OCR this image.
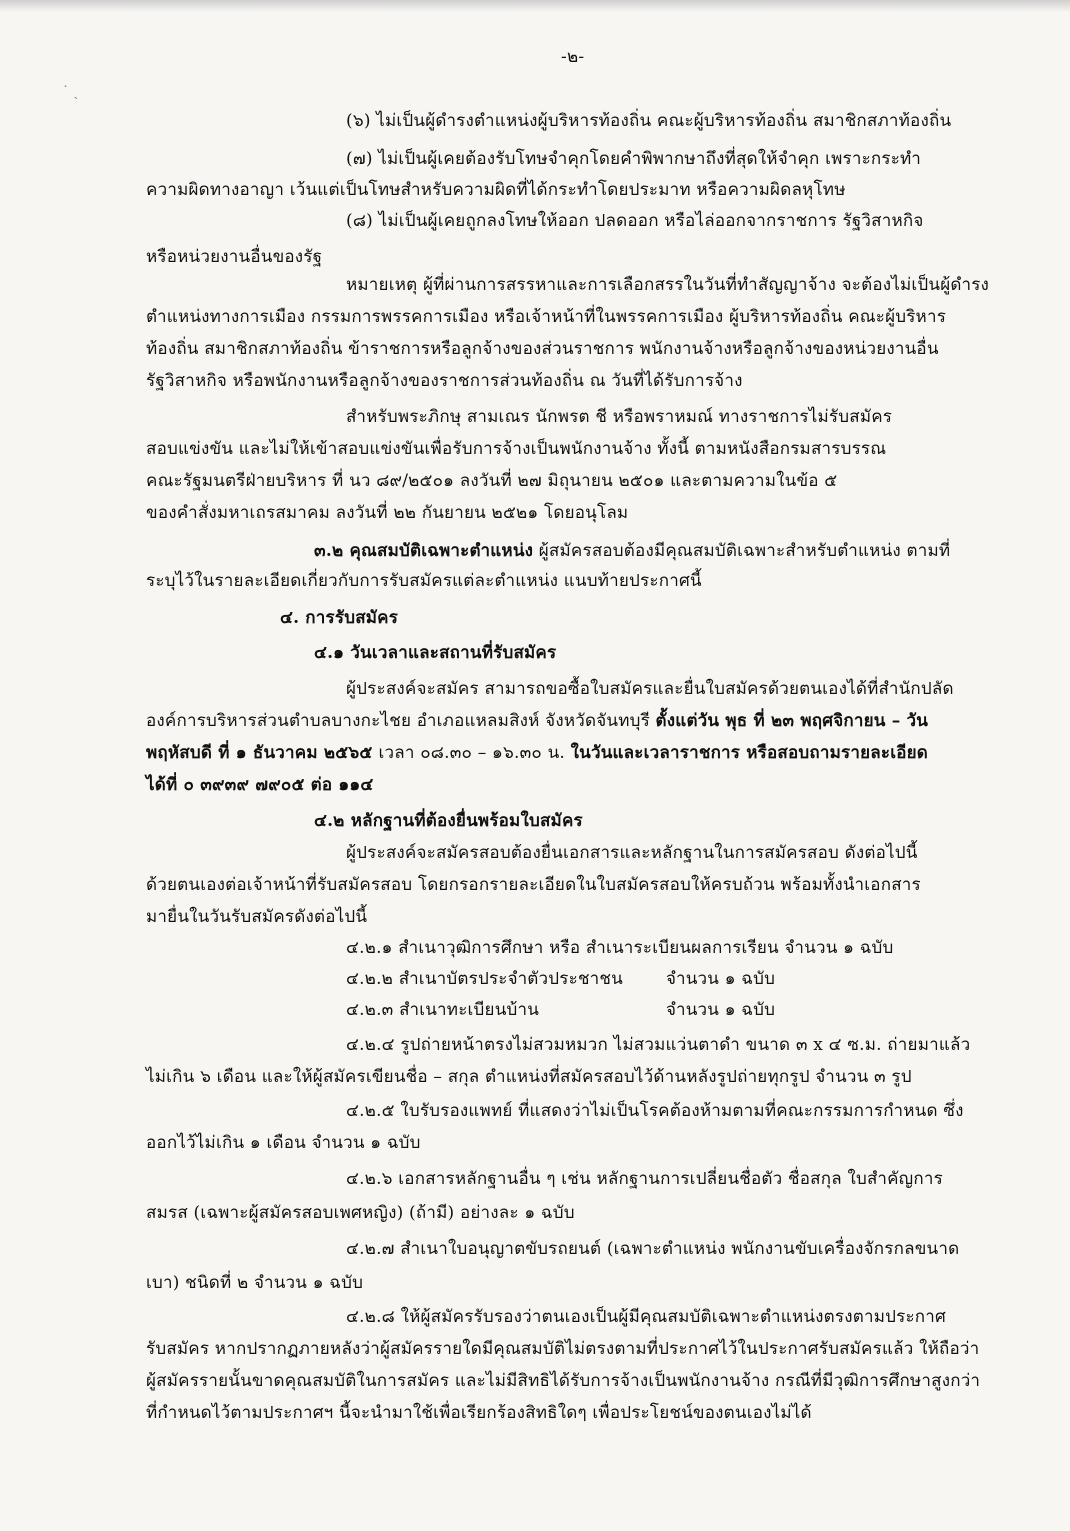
˙ ˎ
-๒-
(๖) ไม่เป็นผู้ดำรงตำแหน่งผู้บริหารท้องถิ่น คณะผู้บริหารท้องถิ่น สมาชิกสภาท้องถิ่น
(๗) ไม่เป็นผู้เคยต้องรับโทษจำคุกโดยคำพิพากษาถึงที่สุดให้จำคุก เพราะกระทำ
ความผิดทางอาญา เว้นแต่เป็นโทษสำหรับความผิดที่ได้กระทำโดยประมาท หรือความผิดลหุโทษ
(๘) ไม่เป็นผู้เคยถูกลงโทษให้ออก ปลดออก หรือไล่ออกจากราชการ รัฐวิสาหกิจ
หรือหน่วยงานอื่นของรัฐ
หมายเหตุ ผู้ที่ผ่านการสรรหาและการเลือกสรรในวันที่ทำสัญญาจ้าง จะต้องไม่เป็นผู้ดำรง
ตำแหน่งทางการเมือง กรรมการพรรคการเมือง หรือเจ้าหน้าที่ในพรรคการเมือง ผู้บริหารท้องถิ่น คณะผู้บริหาร
ท้องถิ่น สมาชิกสภาท้องถิ่น ข้าราชการหรือลูกจ้างของส่วนราชการ พนักงานจ้างหรือลูกจ้างของหน่วยงานอื่น
รัฐวิสาหกิจ หรือพนักงานหรือลูกจ้างของราชการส่วนท้องถิ่น ณ วันที่ได้รับการจ้าง
สำหรับพระภิกษุ สามเณร นักพรต ชี หรือพราหมณ์ ทางราชการไม่รับสมัคร
สอบแข่งขัน และไม่ให้เข้าสอบแข่งขันเพื่อรับการจ้างเป็นพนักงานจ้าง ทั้งนี้ ตามหนังสือกรมสารบรรณ
คณะรัฐมนตรีฝ่ายบริหาร ที่ นว ๘๙/๒๕๐๑ ลงวันที่ ๒๗ มิถุนายน ๒๕๐๑ และตามความในข้อ ๕
ของคำสั่งมหาเถรสมาคม ลงวันที่ ๒๒ กันยายน ๒๕๒๑ โดยอนุโลม
๓.๒ คุณสมบัติเฉพาะตำแหน่ง ผู้สมัครสอบต้องมีคุณสมบัติเฉพาะสำหรับตำแหน่ง ตามที่
ระบุไว้ในรายละเอียดเกี่ยวกับการรับสมัครแต่ละตำแหน่ง แนบท้ายประกาศนี้
๔. การรับสมัคร
๔.๑ วันเวลาและสถานที่รับสมัคร
ผู้ประสงค์จะสมัคร สามารถขอซื้อใบสมัครและยื่นใบสมัครด้วยตนเองได้ที่สำนักปลัด
องค์การบริหารส่วนตำบลบางกะไชย อำเภอแหลมสิงห์ จังหวัดจันทบุรี ตั้งแต่วัน พุธ ที่ ๒๓ พฤศจิกายน – วัน
พฤหัสบดี ที่ ๑ ธันวาคม ๒๕๖๕ เวลา ๐๘.๓๐ – ๑๖.๓๐ น. ในวันและเวลาราชการ หรือสอบถามรายละเอียด
ได้ที่ ๐ ๓๙๓๙ ๗๙๐๕ ต่อ ๑๑๔
๔.๒ หลักฐานที่ต้องยื่นพร้อมใบสมัคร
ผู้ประสงค์จะสมัครสอบต้องยื่นเอกสารและหลักฐานในการสมัครสอบ ดังต่อไปนี้
ด้วยตนเองต่อเจ้าหน้าที่รับสมัครสอบ โดยกรอกรายละเอียดในใบสมัครสอบให้ครบถ้วน พร้อมทั้งนำเอกสาร
มายื่นในวันรับสมัครดังต่อไปนี้
๔.๒.๑ สำเนาวุฒิการศึกษา หรือ สำเนาระเบียนผลการเรียน จำนวน ๑ ฉบับ
๔.๒.๒ สำเนาบัตรประจำตัวประชาชน	จำนวน ๑ ฉบับ
๔.๒.๓ สำเนาทะเบียนบ้าน	จำนวน ๑ ฉบับ
๔.๒.๔ รูปถ่ายหน้าตรงไม่สวมหมวก ไม่สวมแว่นตาดำ ขนาด ๓ x ๔ ซ.ม. ถ่ายมาแล้ว
ไม่เกิน ๖ เดือน และให้ผู้สมัครเขียนชื่อ – สกุล ตำแหน่งที่สมัครสอบไว้ด้านหลังรูปถ่ายทุกรูป จำนวน ๓ รูป
๔.๒.๕ ใบรับรองแพทย์ ที่แสดงว่าไม่เป็นโรคต้องห้ามตามที่คณะกรรมการกำหนด ซึ่ง
ออกไว้ไม่เกิน ๑ เดือน จำนวน ๑ ฉบับ
๔.๒.๖ เอกสารหลักฐานอื่น ๆ เช่น หลักฐานการเปลี่ยนชื่อตัว ชื่อสกุล ใบสำคัญการ
สมรส (เฉพาะผู้สมัครสอบเพศหญิง) (ถ้ามี) อย่างละ ๑ ฉบับ
๔.๒.๗ สำเนาใบอนุญาตขับรถยนต์ (เฉพาะตำแหน่ง พนักงานขับเครื่องจักรกลขนาด
เบา) ชนิดที่ ๒ จำนวน ๑ ฉบับ
๔.๒.๘ ให้ผู้สมัครรับรองว่าตนเองเป็นผู้มีคุณสมบัติเฉพาะตำแหน่งตรงตามประกาศ
รับสมัคร หากปรากฏภายหลังว่าผู้สมัครรายใดมีคุณสมบัติไม่ตรงตามที่ประกาศไว้ในประกาศรับสมัครแล้ว ให้ถือว่า
ผู้สมัครรายนั้นขาดคุณสมบัติในการสมัคร และไม่มีสิทธิได้รับการจ้างเป็นพนักงานจ้าง กรณีที่มีวุฒิการศึกษาสูงกว่า
ที่กำหนดไว้ตามประกาศฯ นี้จะนำมาใช้เพื่อเรียกร้องสิทธิใดๆ เพื่อประโยชน์ของตนเองไม่ได้
